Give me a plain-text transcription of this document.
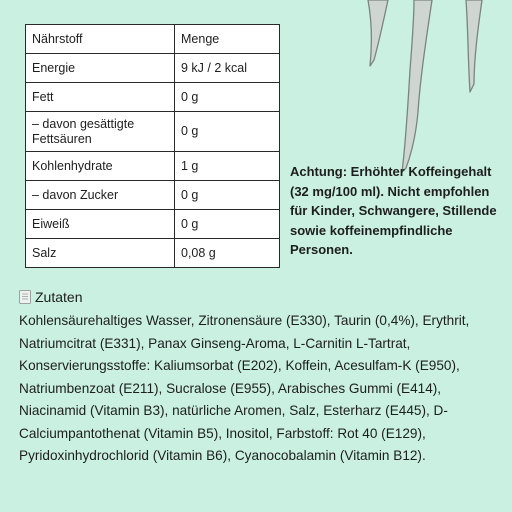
Nährstoff	Menge
Energie	9 kJ / 2 kcal
Fett	0 g
– davon gesättigte Fettsäuren	0 g
Kohlenhydrate	1 g
– davon Zucker	0 g
Eiweiß	0 g
Salz	0,08 g
Achtung: Erhöhter Koffeingehalt (32 mg/100 ml). Nicht empfohlen für Kinder, Schwangere, Stillende sowie koffeinempfindliche Personen.
Zutaten

Kohlensäurehaltiges Wasser, Zitronensäure (E330), Taurin (0,4%), Erythrit, Natriumcitrat (E331), Panax Ginseng-Aroma, L-Carnitin L-Tartrat, Konservierungsstoffe: Kaliumsorbat (E202), Koffein, Acesulfam-K (E950), Natriumbenzoat (E211), Sucralose (E955), Arabisches Gummi (E414), Niacinamid (Vitamin B3), natürliche Aromen, Salz, Esterharz (E445), D-Calciumpantothenat (Vitamin B5), Inositol, Farbstoff: Rot 40 (E129), Pyridoxinhydrochlorid (Vitamin B6), Cyanocobalamin (Vitamin B12).
